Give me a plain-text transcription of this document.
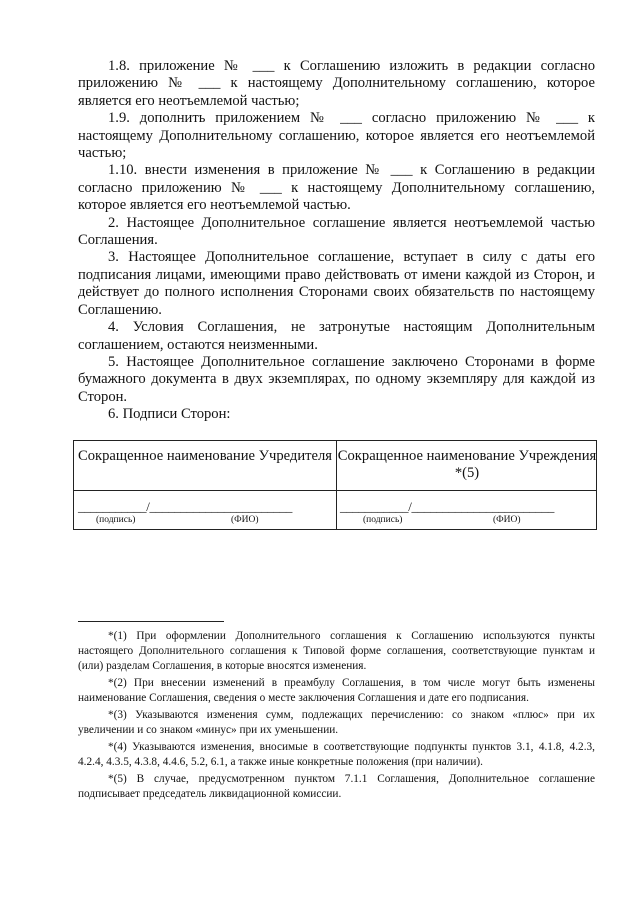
1.8. приложение № ___ к Соглашению изложить в редакции согласно приложению № ___ к настоящему Дополнительному соглашению, которое является его неотъемлемой частью;

1.9. дополнить приложением № ___ согласно приложению № ___ к настоящему Дополнительному соглашению, которое является его неотъемлемой частью;

1.10. внести изменения в приложение № ___ к Соглашению в редакции согласно приложению № ___ к настоящему Дополнительному соглашению, которое является его неотъемлемой частью.

2. Настоящее Дополнительное соглашение является неотъемлемой частью Соглашения.

3. Настоящее Дополнительное соглашение, вступает в силу с даты его подписания лицами, имеющими право действовать от имени каждой из Сторон, и действует до полного исполнения Сторонами своих обязательств по настоящему Соглашению.

4. Условия Соглашения, не затронутые настоящим Дополнительным соглашением, остаются неизменными.

5. Настоящее Дополнительное соглашение заключено Сторонами в форме бумажного документа в двух экземплярах, по одному экземпляру для каждой из Сторон.

6. Подписи Сторон:

Сокращенное наименование Учредителя
___________/_______________________
(подпись)	(ФИО)
Сокращенное наименование Учреждения *(5)
___________/_______________________
(подпись)	(ФИО)

*(1) При оформлении Дополнительного соглашения к Соглашению используются пункты настоящего Дополнительного соглашения к Типовой форме соглашения, соответствующие пунктам и (или) разделам Соглашения, в которые вносятся изменения.

*(2) При внесении изменений в преамбулу Соглашения, в том числе могут быть изменены наименование Соглашения, сведения о месте заключения Соглашения и дате его подписания.

*(3) Указываются изменения сумм, подлежащих перечислению: со знаком «плюс» при их увеличении и со знаком «минус» при их уменьшении.

*(4) Указываются изменения, вносимые в соответствующие подпункты пунктов 3.1, 4.1.8, 4.2.3, 4.2.4, 4.3.5, 4.3.8, 4.4.6, 5.2, 6.1, а также иные конкретные положения (при наличии).

*(5) В случае, предусмотренном пунктом 7.1.1 Соглашения, Дополнительное соглашение подписывает председатель ликвидационной комиссии.
